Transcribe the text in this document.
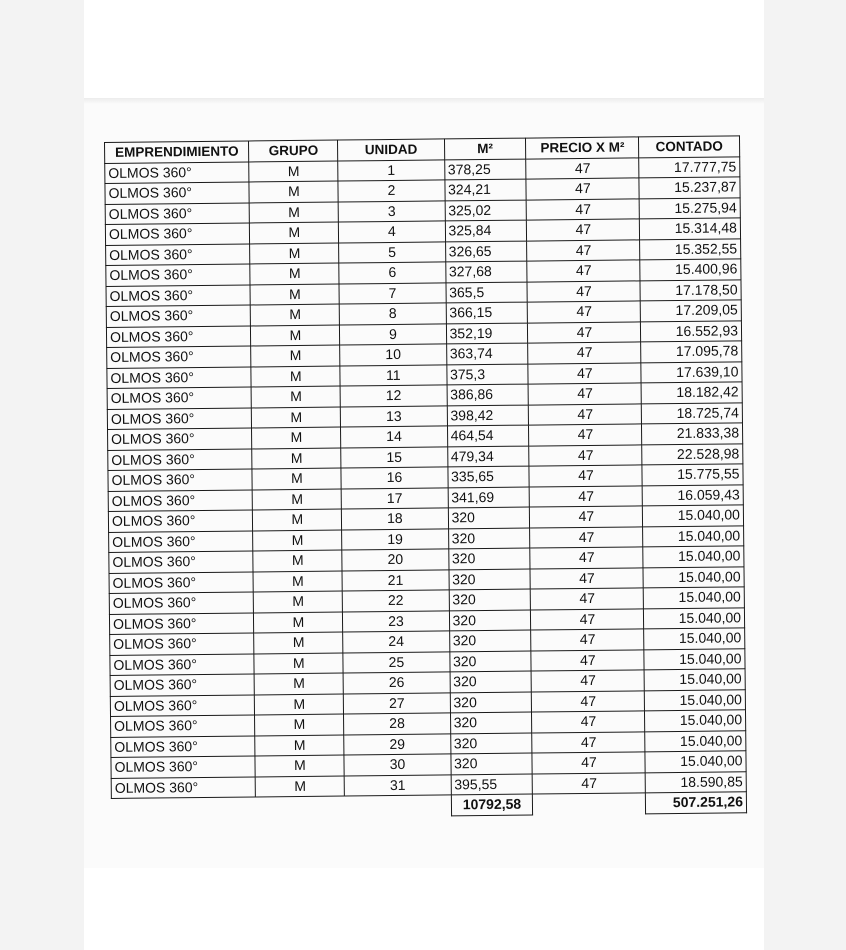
EMPRENDIMIENTO	GRUPO	UNIDAD	M²	PRECIO X M²	CONTADO
OLMOS 360°	M	1	378,25	47	17.777,75
OLMOS 360°	M	2	324,21	47	15.237,87
OLMOS 360°	M	3	325,02	47	15.275,94
OLMOS 360°	M	4	325,84	47	15.314,48
OLMOS 360°	M	5	326,65	47	15.352,55
OLMOS 360°	M	6	327,68	47	15.400,96
OLMOS 360°	M	7	365,5	47	17.178,50
OLMOS 360°	M	8	366,15	47	17.209,05
OLMOS 360°	M	9	352,19	47	16.552,93
OLMOS 360°	M	10	363,74	47	17.095,78
OLMOS 360°	M	11	375,3	47	17.639,10
OLMOS 360°	M	12	386,86	47	18.182,42
OLMOS 360°	M	13	398,42	47	18.725,74
OLMOS 360°	M	14	464,54	47	21.833,38
OLMOS 360°	M	15	479,34	47	22.528,98
OLMOS 360°	M	16	335,65	47	15.775,55
OLMOS 360°	M	17	341,69	47	16.059,43
OLMOS 360°	M	18	320	47	15.040,00
OLMOS 360°	M	19	320	47	15.040,00
OLMOS 360°	M	20	320	47	15.040,00
OLMOS 360°	M	21	320	47	15.040,00
OLMOS 360°	M	22	320	47	15.040,00
OLMOS 360°	M	23	320	47	15.040,00
OLMOS 360°	M	24	320	47	15.040,00
OLMOS 360°	M	25	320	47	15.040,00
OLMOS 360°	M	26	320	47	15.040,00
OLMOS 360°	M	27	320	47	15.040,00
OLMOS 360°	M	28	320	47	15.040,00
OLMOS 360°	M	29	320	47	15.040,00
OLMOS 360°	M	30	320	47	15.040,00
OLMOS 360°	M	31	395,55	47	18.590,85
			10792,58		507.251,26
